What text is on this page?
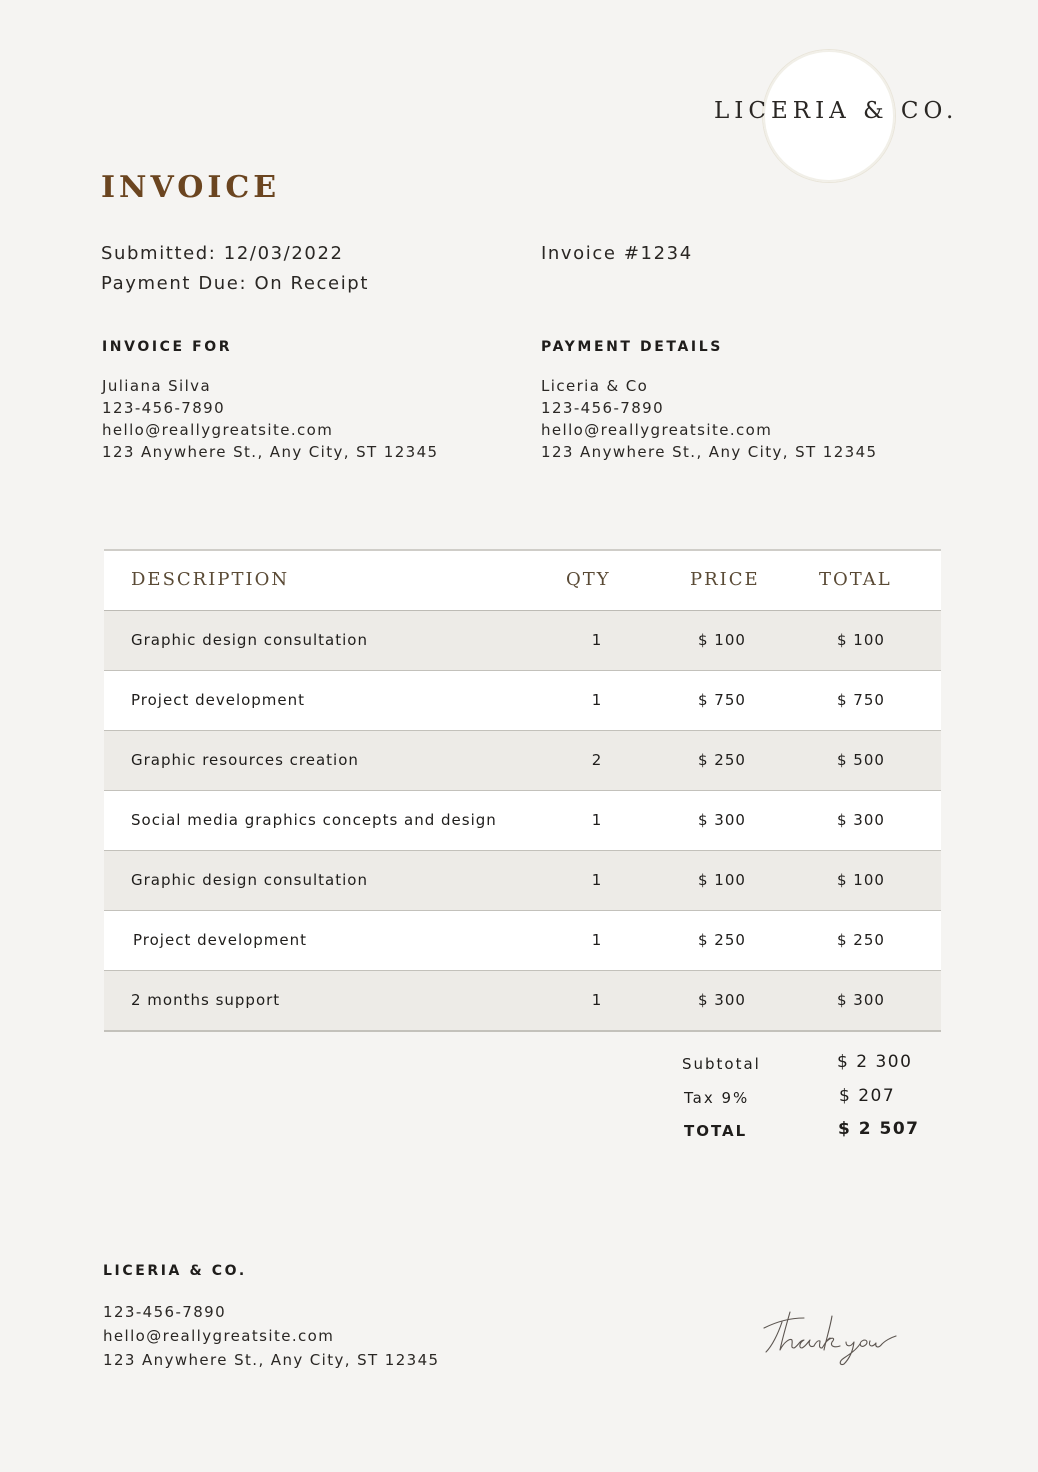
LICERIA & CO.
INVOICE
Submitted: 12/03/2022
Payment Due: On Receipt
Invoice #1234
INVOICE FOR
Juliana Silva
123-456-7890
hello@reallygreatsite.com
123 Anywhere St., Any City, ST 12345
PAYMENT DETAILS
Liceria & Co
123-456-7890
hello@reallygreatsite.com
123 Anywhere St., Any City, ST 12345
DESCRIPTION	QTY	PRICE	TOTAL
Graphic design consultation	1	$ 100	$ 100
Project development	1	$ 750	$ 750
Graphic resources creation	2	$ 250	$ 500
Social media graphics concepts and design	1	$ 300	$ 300
Graphic design consultation	1	$ 100	$ 100
Project development	1	$ 250	$ 250
2 months support	1	$ 300	$ 300
Subtotal	$ 2 300
Tax 9%	$ 207
TOTAL	$ 2 507
LICERIA & CO.
123-456-7890
hello@reallygreatsite.com
123 Anywhere St., Any City, ST 12345
